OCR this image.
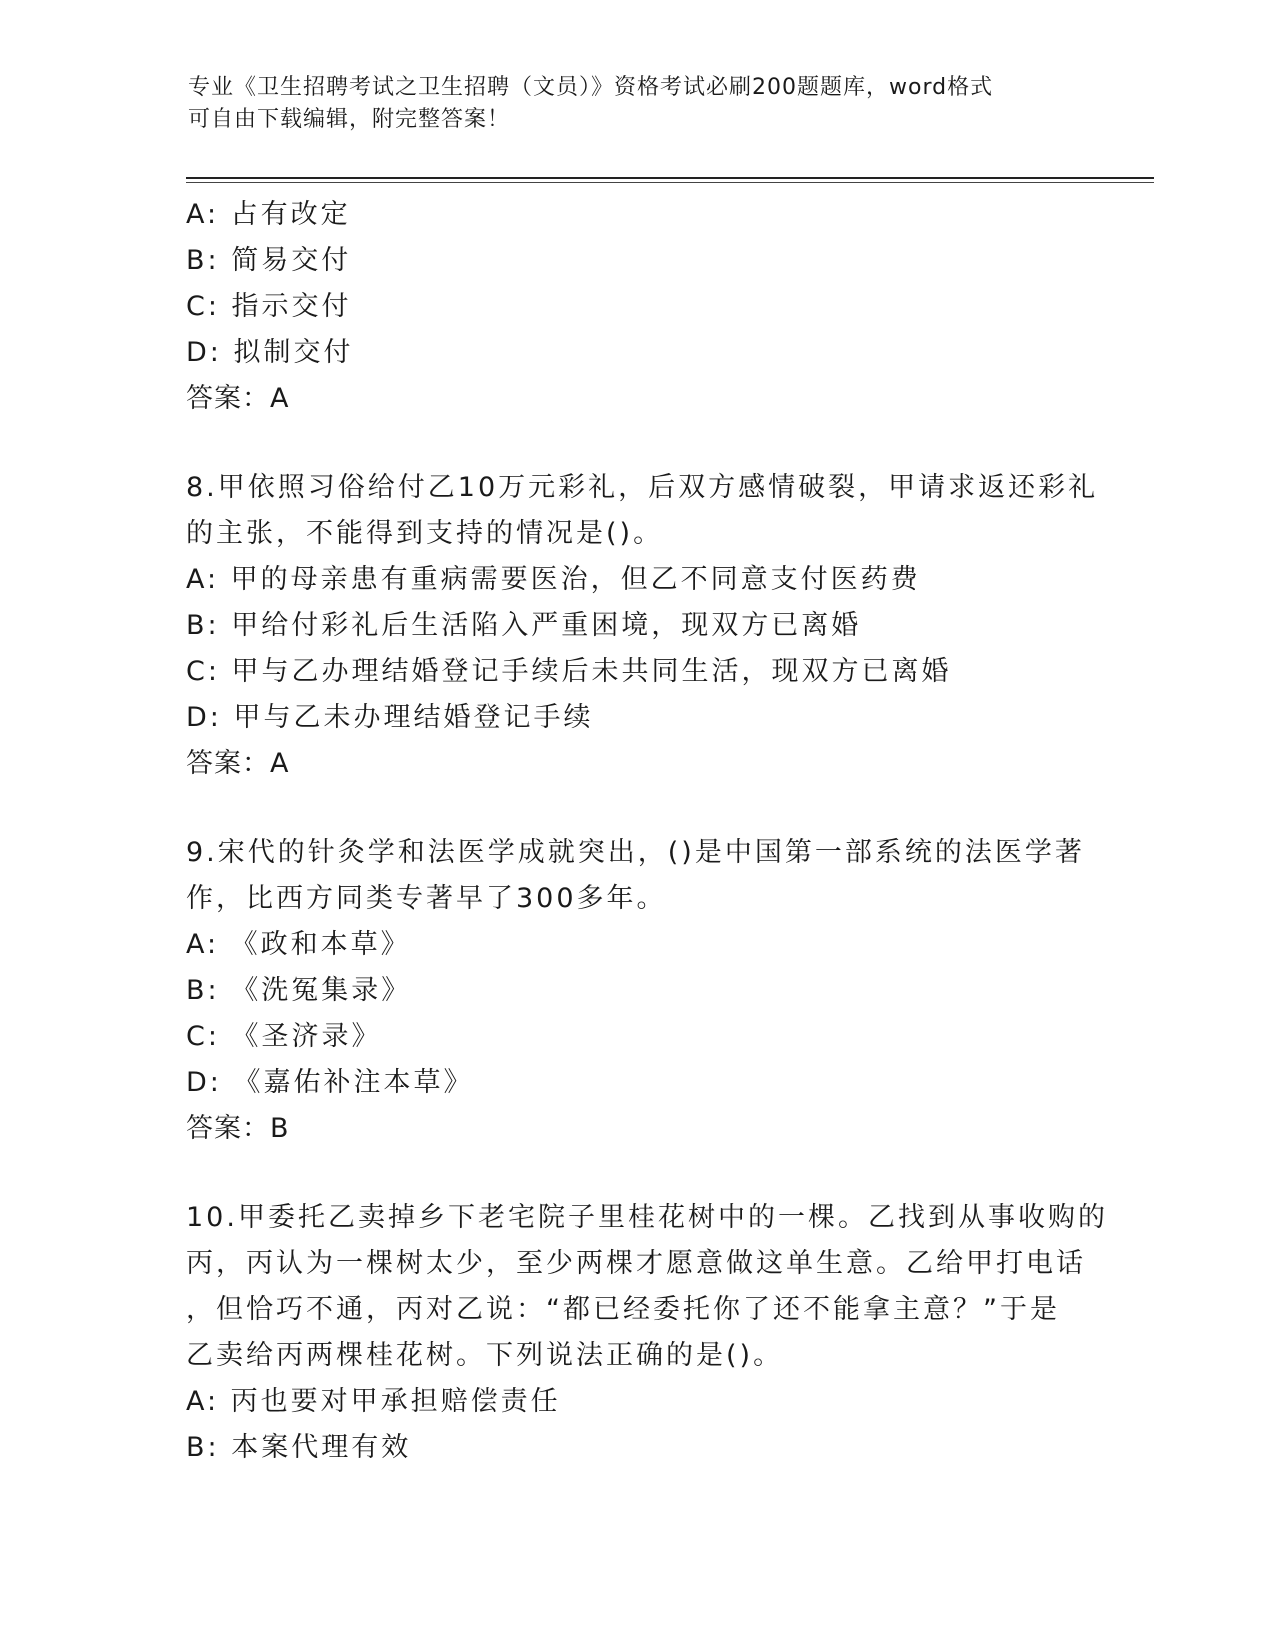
专业《卫生招聘考试之卫生招聘（文员）》资格考试必刷200题题库，word格式
可自由下载编辑，附完整答案！
A: 占有改定
B: 简易交付
C: 指示交付
D: 拟制交付
答案：A
8.甲依照习俗给付乙10万元彩礼，后双方感情破裂，甲请求返还彩礼
的主张，不能得到支持的情况是()。
A: 甲的母亲患有重病需要医治，但乙不同意支付医药费
B: 甲给付彩礼后生活陷入严重困境，现双方已离婚
C: 甲与乙办理结婚登记手续后未共同生活，现双方已离婚
D: 甲与乙未办理结婚登记手续
答案：A
9.宋代的针灸学和法医学成就突出，()是中国第一部系统的法医学著
作，比西方同类专著早了300多年。
A: 《政和本草》
B: 《洗冤集录》
C: 《圣济录》
D: 《嘉佑补注本草》
答案：B
10.甲委托乙卖掉乡下老宅院子里桂花树中的一棵。乙找到从事收购的
丙，丙认为一棵树太少，至少两棵才愿意做这单生意。乙给甲打电话
，但恰巧不通，丙对乙说：“都已经委托你了还不能拿主意？”于是
乙卖给丙两棵桂花树。下列说法正确的是()。
A: 丙也要对甲承担赔偿责任
B: 本案代理有效
